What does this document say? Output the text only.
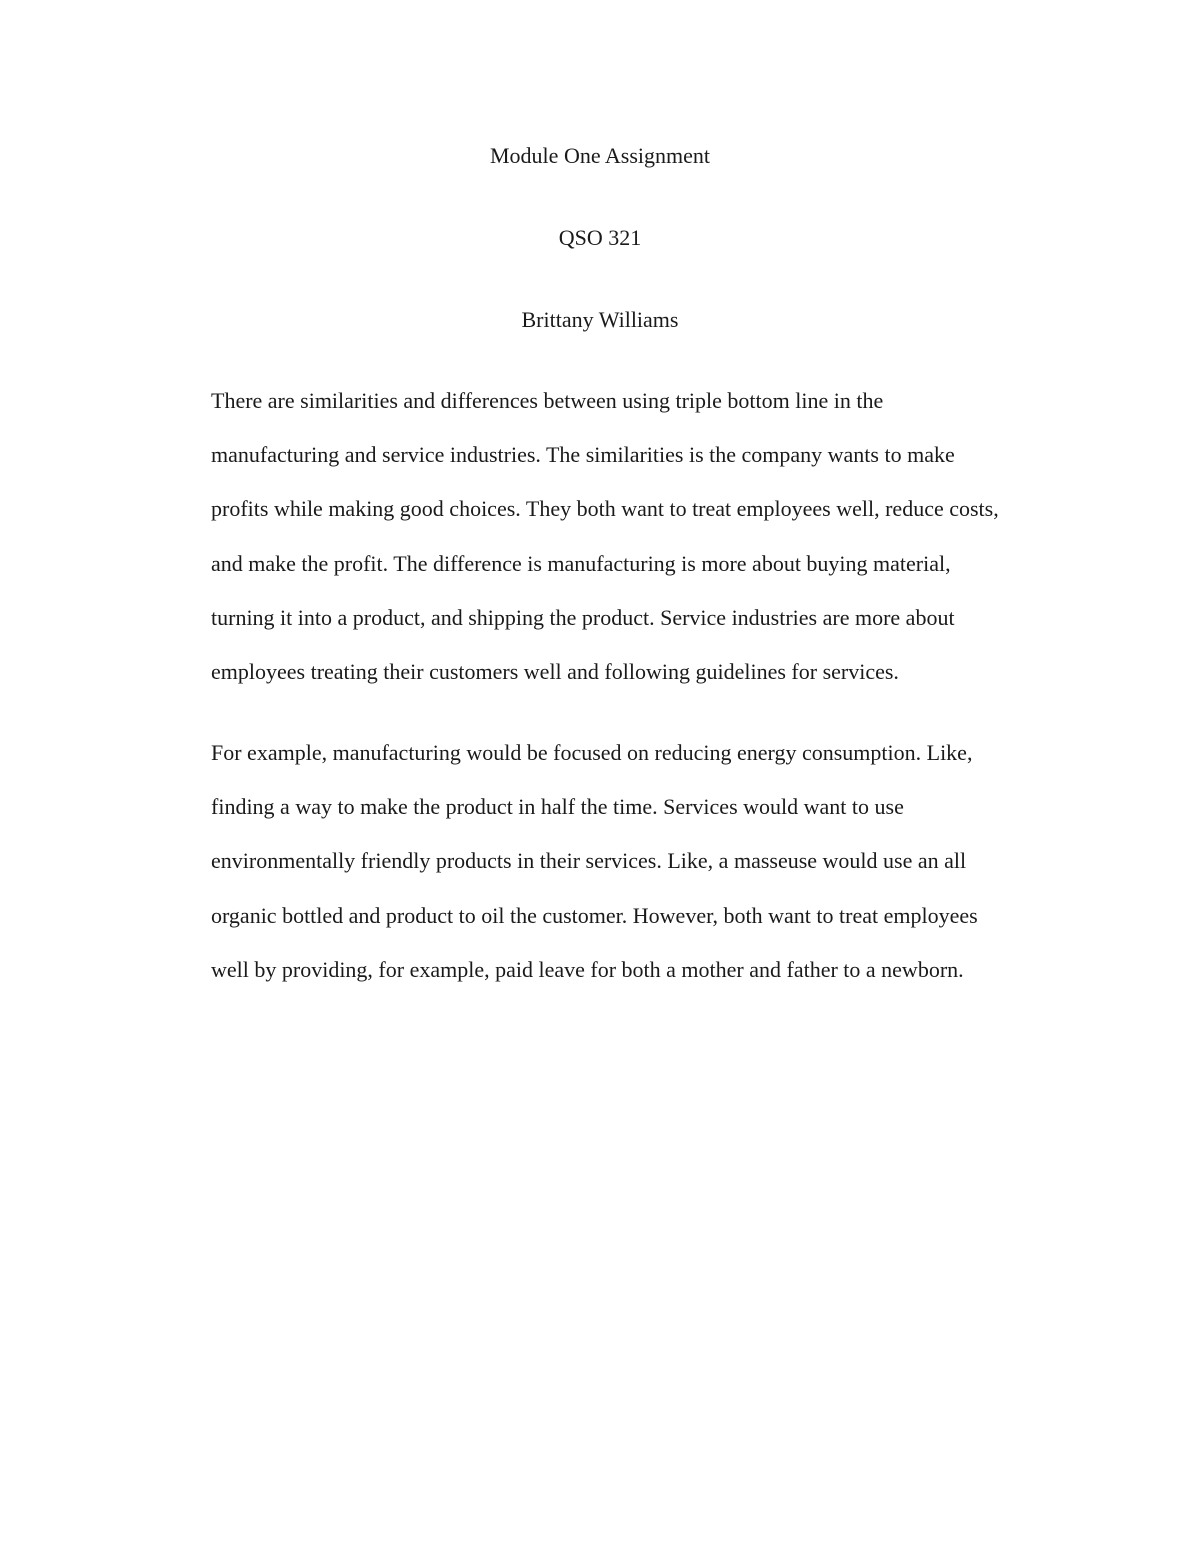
Module One Assignment
QSO 321
Brittany Williams

There are similarities and differences between using triple bottom line in the
manufacturing and service industries. The similarities is the company wants to make
profits while making good choices. They both want to treat employees well, reduce costs,
and make the profit. The difference is manufacturing is more about buying material,
turning it into a product, and shipping the product. Service industries are more about
employees treating their customers well and following guidelines for services.

For example, manufacturing would be focused on reducing energy consumption. Like,
finding a way to make the product in half the time. Services would want to use
environmentally friendly products in their services. Like, a masseuse would use an all
organic bottled and product to oil the customer. However, both want to treat employees
well by providing, for example, paid leave for both a mother and father to a newborn.
